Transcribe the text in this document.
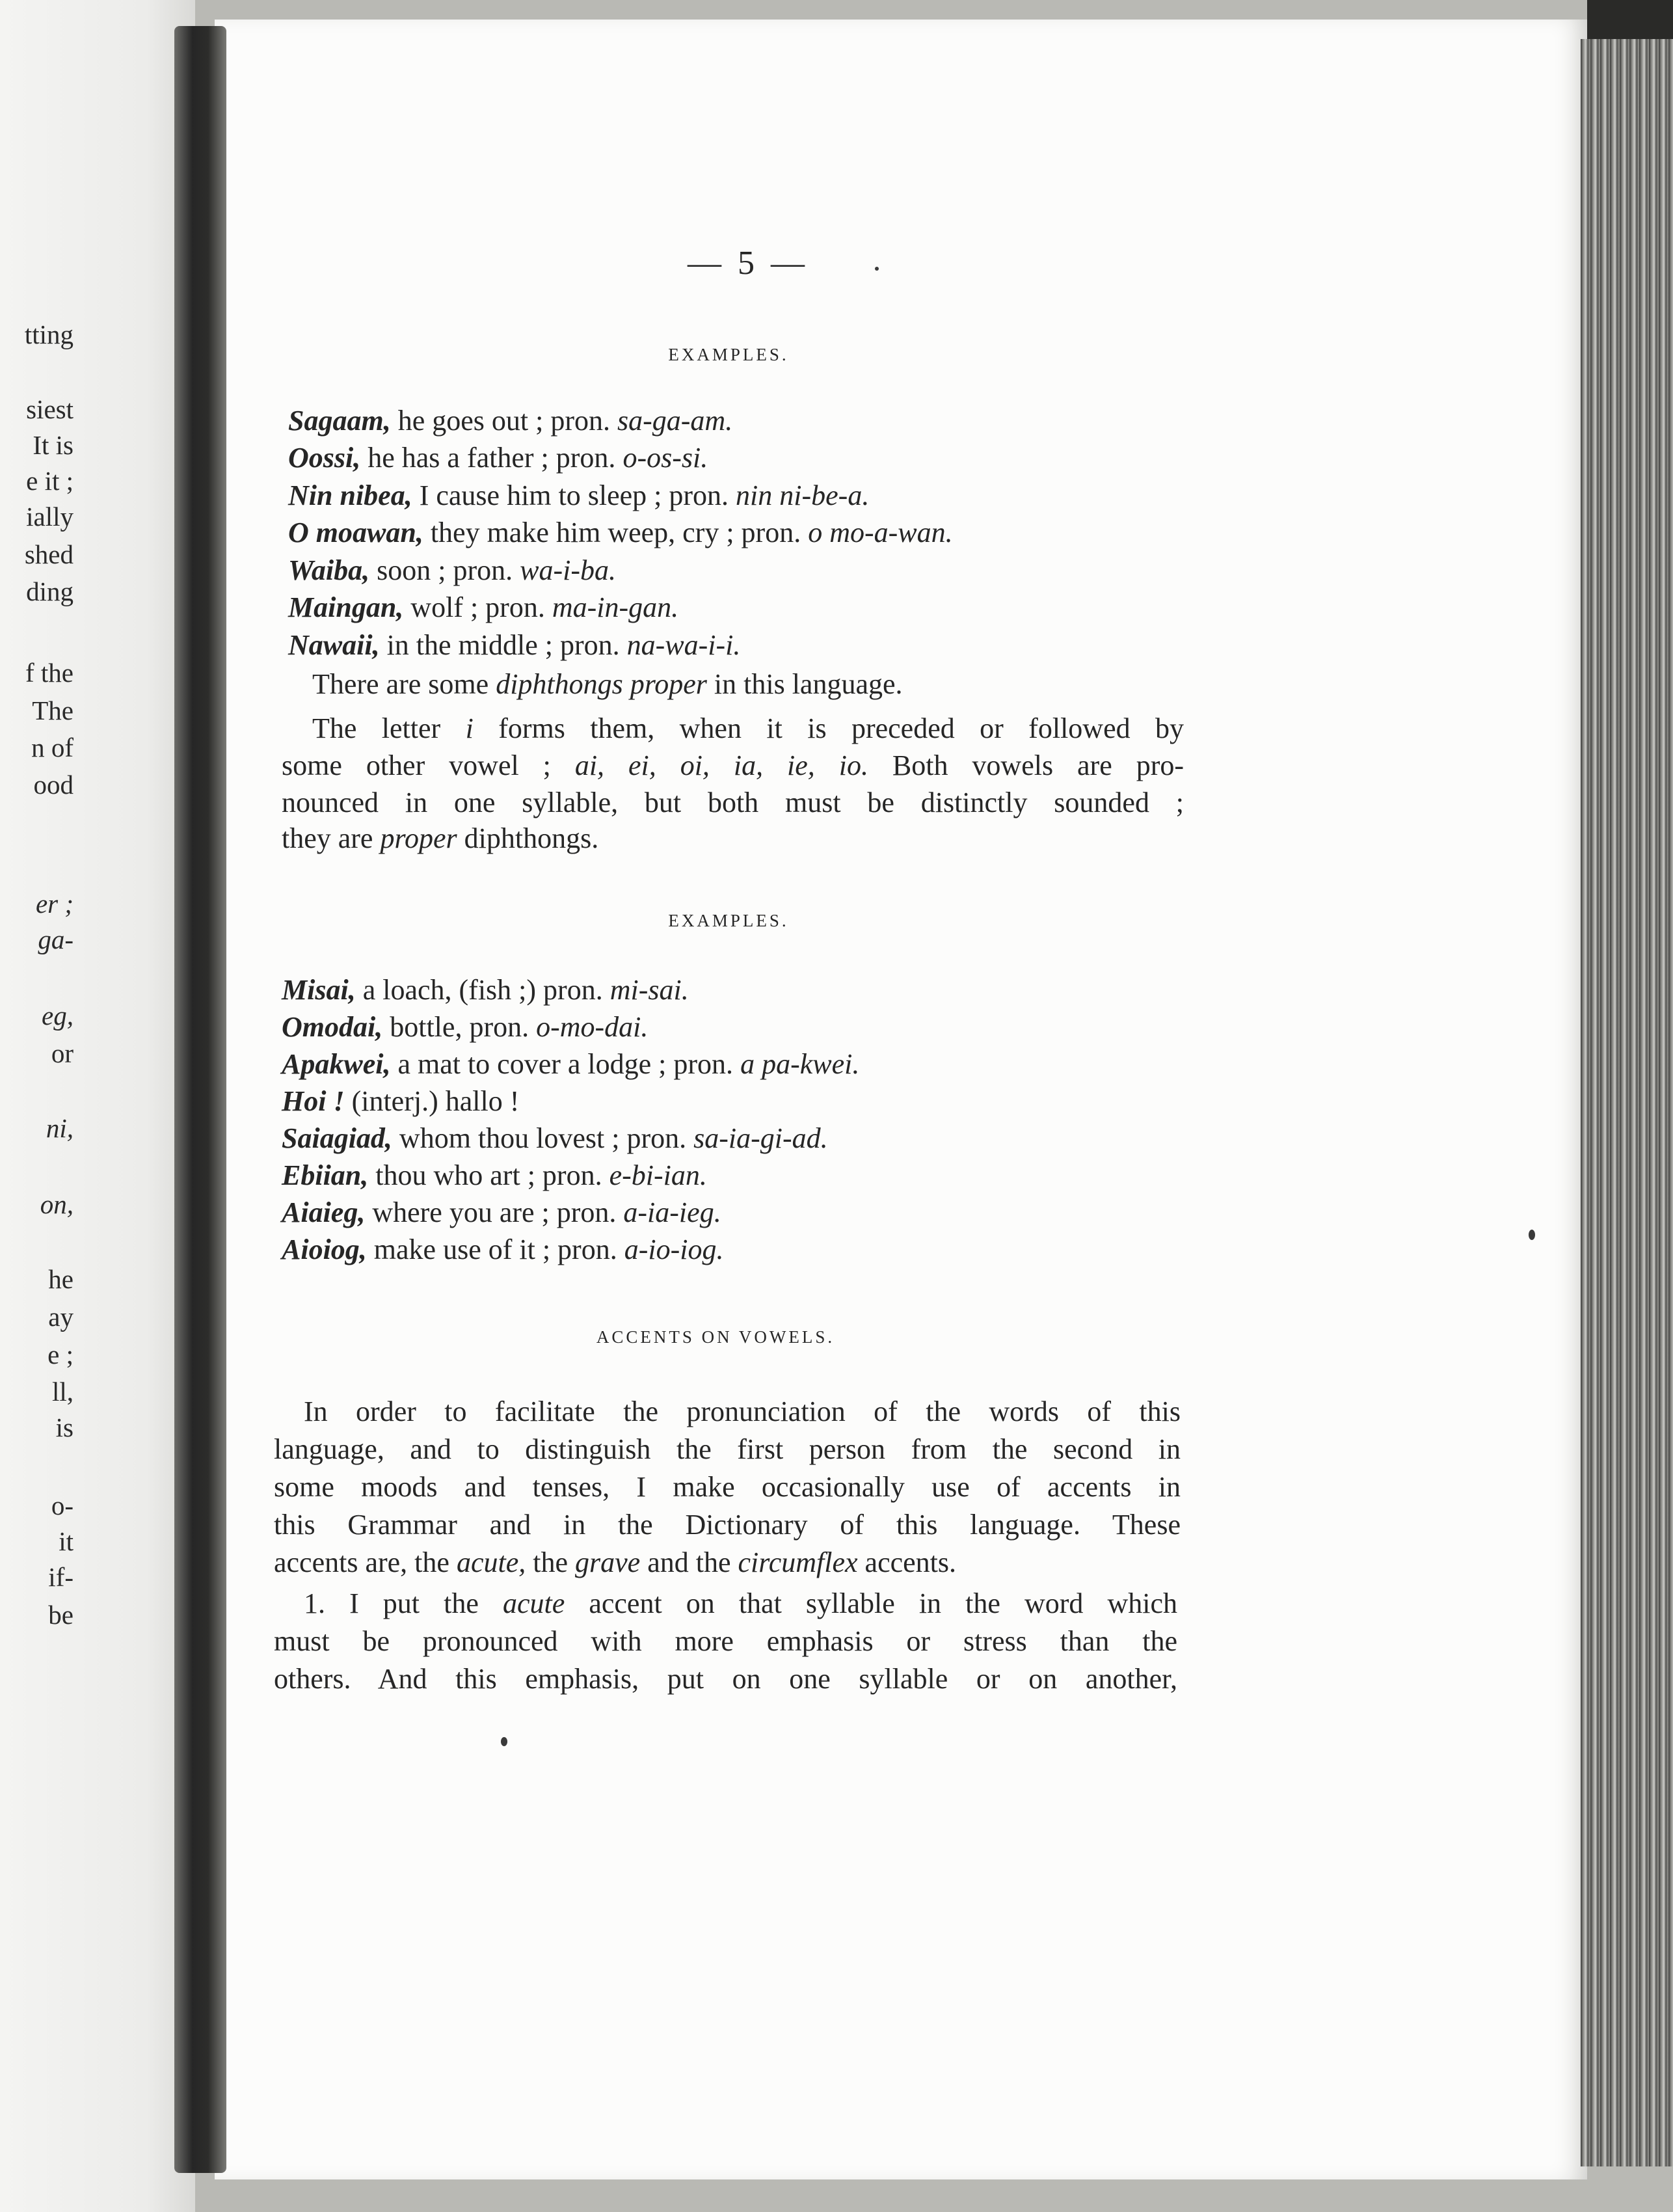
tting
siest
It is
e it ;
ially
shed
ding
f the
The
n of
ood
er ;
ga-
eg,
or
ni,
on,
he
ay
e ;
ll,
is
o-
it
if-
be
— 5 —
EXAMPLES.
Sagaam, he goes out ; pron. sa-ga-am.
Oossi, he has a father ; pron. o-os-si.
Nin nibea, I cause him to sleep ; pron. nin ni-be-a.
O moawan, they make him weep, cry ; pron. o mo-a-wan.
Waiba, soon ; pron. wa-i-ba.
Maingan, wolf ; pron. ma-in-gan.
Nawaii, in the middle ; pron. na-wa-i-i.
There are some diphthongs proper in this language.
The letter i forms them, when it is preceded or followed by
some other vowel ; ai, ei, oi, ia, ie, io. Both vowels are pro-
nounced in one syllable, but both must be distinctly sounded ;
they are proper diphthongs.
EXAMPLES.
Misai, a loach, (fish ;) pron. mi-sai.
Omodai, bottle, pron. o-mo-dai.
Apakwei, a mat to cover a lodge ; pron. a pa-kwei.
Hoi ! (interj.) hallo !
Saiagiad, whom thou lovest ; pron. sa-ia-gi-ad.
Ebiian, thou who art ; pron. e-bi-ian.
Aiaieg, where you are ; pron. a-ia-ieg.
Aioiog, make use of it ; pron. a-io-iog.
ACCENTS ON VOWELS.
In order to facilitate the pronunciation of the words of this
language, and to distinguish the first person from the second in
some moods and tenses, I make occasionally use of accents in
this Grammar and in the Dictionary of this language. These
accents are, the acute, the grave and the circumflex accents.
1. I put the acute accent on that syllable in the word which
must be pronounced with more emphasis or stress than the
others. And this emphasis, put on one syllable or on another,
